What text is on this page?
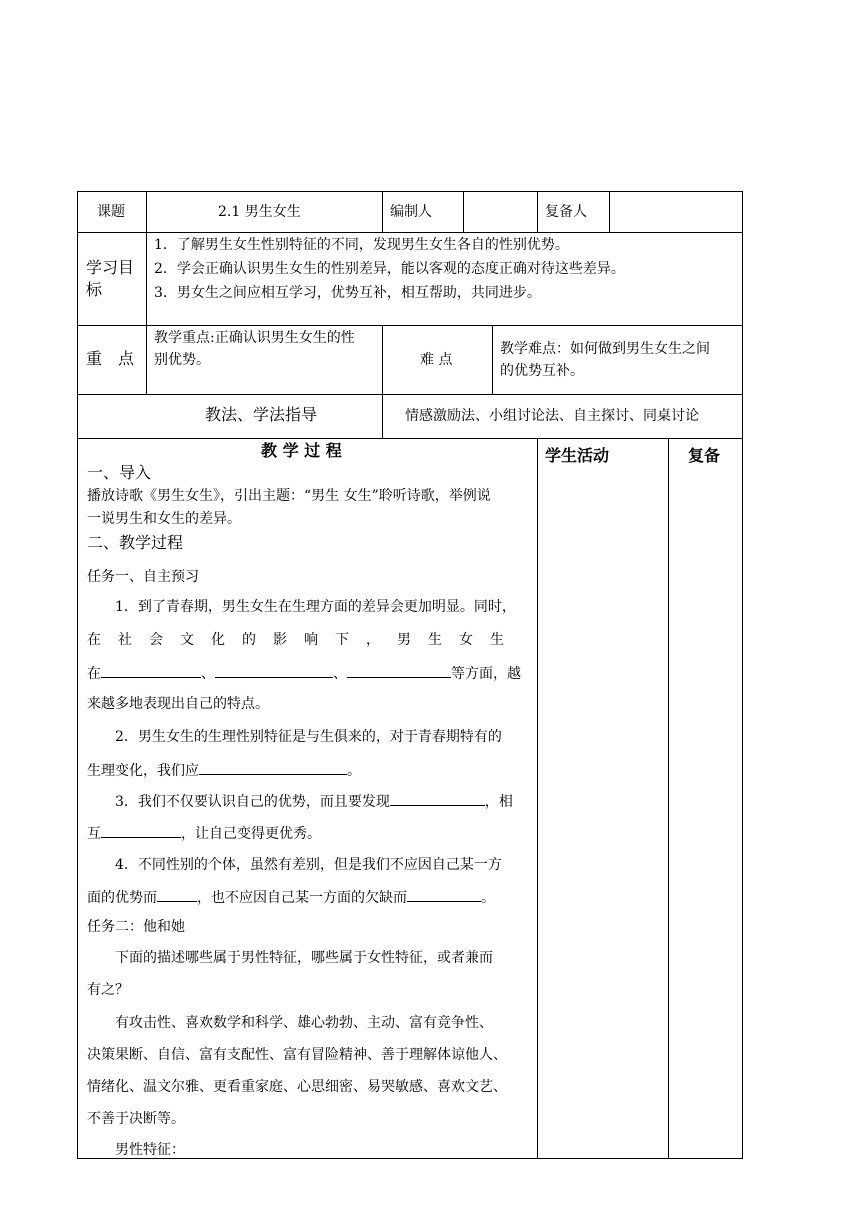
课题	2.1 男生女生	编制人	复备人
学习目
标
1．了解男生女生性别特征的不同，发现男生女生各自的性别优势。
2．学会正确认识男生女生的性别差异，能以客观的态度正确对待这些差异。
3．男女生之间应相互学习，优势互补，相互帮助，共同进步。
重　点
教学重点:正确认识男生女生的性
别优势。	难 点
教学难点：如何做到男生女生之间
的优势互补。
教法、学法指导	情感激励法、小组讨论法、自主探讨、同桌讨论
教 学 过 程	学生活动	复备
一、导入
播放诗歌《男生女生》，引出主题：“男生 女生”聆听诗歌，举例说
一说男生和女生的差异。
二、教学过程
任务一、自主预习
1．到了青春期，男生女生在生理方面的差异会更加明显。同时，
在 社 会 文 化 的 影 响 下 ， 男 生 女 生
在	、	、	等方面，越
来越多地表现出自己的特点。
2．男生女生的生理性别特征是与生俱来的，对于青春期特有的
生理变化，我们应	。
3．我们不仅要认识自己的优势，而且要发现	，相
互	，让自己变得更优秀。
4．不同性别的个体，虽然有差别，但是我们不应因自己某一方
面的优势而	，也不应因自己某一方面的欠缺而	。
任务二：他和她
下面的描述哪些属于男性特征，哪些属于女性特征，或者兼而
有之？
有攻击性、喜欢数学和科学、雄心勃勃、主动、富有竞争性、
决策果断、自信、富有支配性、富有冒险精神、善于理解体谅他人、
情绪化、温文尔雅、更看重家庭、心思细密、易哭敏感、喜欢文艺、
不善于决断等。
男性特征：
